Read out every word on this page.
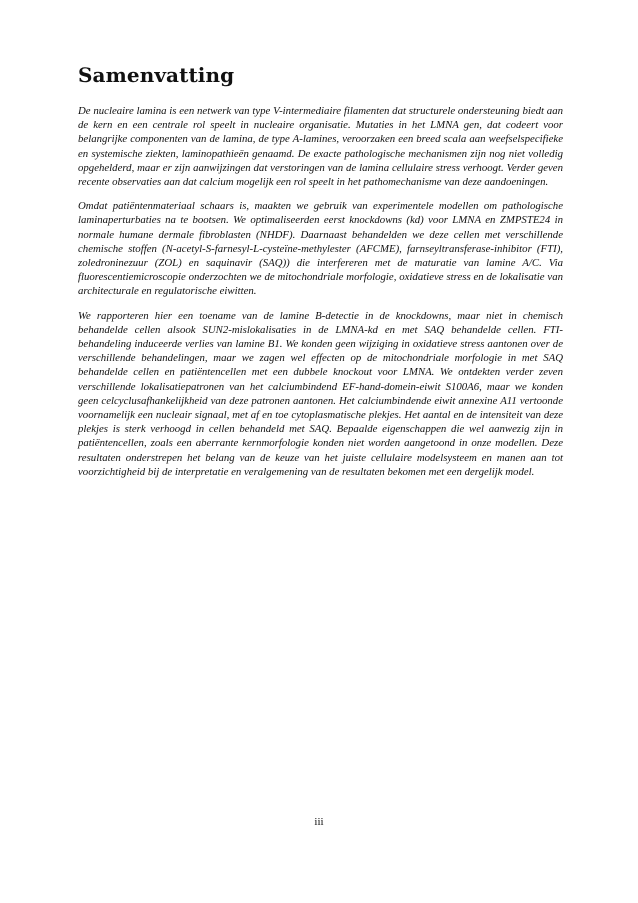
Samenvatting

De nucleaire lamina is een netwerk van type V-intermediaire filamenten dat structurele ondersteuning biedt aan de kern en een centrale rol speelt in nucleaire organisatie. Mutaties in het LMNA gen, dat codeert voor belangrijke componenten van de lamina, de type A-lamines, veroorzaken een breed scala aan weefselspecifieke en systemische ziekten, laminopathieën genaamd. De exacte pathologische mechanismen zijn nog niet volledig opgehelderd, maar er zijn aanwijzingen dat verstoringen van de lamina cellulaire stress verhoogt. Verder geven recente observaties aan dat calcium mogelijk een rol speelt in het pathomechanisme van deze aandoeningen.

Omdat patiëntenmateriaal schaars is, maakten we gebruik van experimentele modellen om pathologische laminaperturbaties na te bootsen. We optimaliseerden eerst knockdowns (kd) voor LMNA en ZMPSTE24 in normale humane dermale fibroblasten (NHDF). Daarnaast behandelden we deze cellen met verschillende chemische stoffen (N-acetyl-S-farnesyl-L-cysteïne-methylester (AFCME), farnseyltransferase-inhibitor (FTI), zoledroninezuur (ZOL) en saquinavir (SAQ)) die interfereren met de maturatie van lamine A/C. Via fluorescentiemicroscopie onderzochten we de mitochondriale morfologie, oxidatieve stress en de lokalisatie van architecturale en regulatorische eiwitten.

We rapporteren hier een toename van de lamine B-detectie in de knockdowns, maar niet in chemisch behandelde cellen alsook SUN2-mislokalisaties in de LMNA-kd en met SAQ behandelde cellen. FTI-behandeling induceerde verlies van lamine B1. We konden geen wijziging in oxidatieve stress aantonen over de verschillende behandelingen, maar we zagen wel effecten op de mitochondriale morfologie in met SAQ behandelde cellen en patiëntencellen met een dubbele knockout voor LMNA. We ontdekten verder zeven verschillende lokalisatiepatronen van het calciumbindend EF-hand-domein-eiwit S100A6, maar we konden geen celcyclusafhankelijkheid van deze patronen aantonen. Het calciumbindende eiwit annexine A11 vertoonde voornamelijk een nucleair signaal, met af en toe cytoplasmatische plekjes. Het aantal en de intensiteit van deze plekjes is sterk verhoogd in cellen behandeld met SAQ. Bepaalde eigenschappen die wel aanwezig zijn in patiëntencellen, zoals een aberrante kernmorfologie konden niet worden aangetoond in onze modellen. Deze resultaten onderstrepen het belang van de keuze van het juiste cellulaire modelsysteem en manen aan tot voorzichtigheid bij de interpretatie en veralgemening van de resultaten bekomen met een dergelijk model.

iii
